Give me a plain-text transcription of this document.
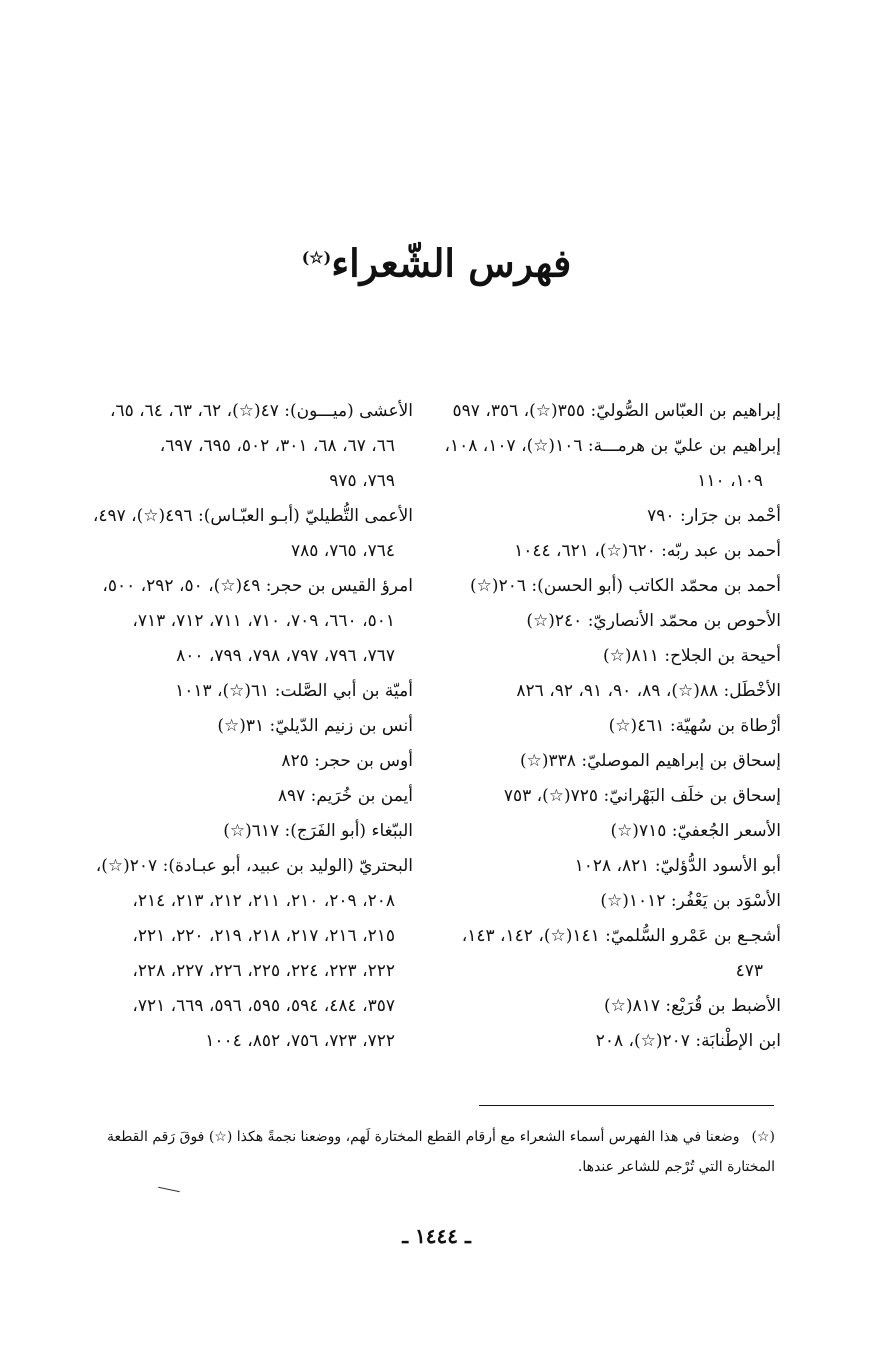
فهرس الشّعراء(☆)
إبراهيم بن العبّاس الصُّوليّ: ٣٥٥(☆)، ٣٥٦، ٥٩٧
إبراهيم بن عليّ بن هرمـــة: ١٠٦(☆)، ١٠٧، ١٠٨،
١٠٩، ١١٠
أحْمد بن جرَار: ٧٩٠
أحمد بن عبد ربّه: ٦٢٠(☆)، ٦٢١، ١٠٤٤
أحمد بن محمّد الكاتب (أبو الحسن): ٢٠٦(☆)
الأحوص بن محمّد الأنصاريّ: ٢٤٠(☆)
أحيحة بن الجلاح: ٨١١(☆)
الأخْطَل: ٨٨(☆)، ٨٩، ٩٠، ٩١، ٩٢، ٨٢٦
أرْطاة بن سُهيّة: ٤٦١(☆)
إسحاق بن إبراهيم الموصليّ: ٣٣٨(☆)
إسحاق بن خلَف البَهْرانيّ: ٧٢٥(☆)، ٧٥٣
الأسعر الجُعفيّ: ٧١٥(☆)
أبو الأسود الدُّؤليّ: ٨٢١، ١٠٢٨
الأسْوَد بن يَعْفُر: ١٠١٢(☆)
أشجـع بن عَمْرو السُّلميّ: ١٤١(☆)، ١٤٢، ١٤٣،
٤٧٣
الأضبط بن قُرَيْع: ٨١٧(☆)
ابن الإطْنابَة: ٢٠٧(☆)، ٢٠٨
الأعشى (ميـــون): ٤٧(☆)، ٦٢، ٦٣، ٦٤، ٦٥،
٦٦، ٦٧، ٦٨، ٣٠١، ٥٠٢، ٦٩٥، ٦٩٧،
٧٦٩، ٩٧٥
الأعمى التُّطيليّ (أبـو العبّـاس): ٤٩٦(☆)، ٤٩٧،
٧٦٤، ٧٦٥، ٧٨٥
امرؤ القيس بن حجر: ٤٩(☆)، ٥٠، ٢٩٢، ٥٠٠،
٥٠١، ٦٦٠، ٧٠٩، ٧١٠، ٧١١، ٧١٢، ٧١٣،
٧٦٧، ٧٩٦، ٧٩٧، ٧٩٨، ٧٩٩، ٨٠٠
أميّة بن أبي الصَّلت: ٦١(☆)، ١٠١٣
أنس بن زنيم الدّيليّ: ٣١(☆)
أوس بن حجر: ٨٢٥
أيمن بن خُرَيم: ٨٩٧
الببّغاء (أبو الفَرَج): ٦١٧(☆)
البحتريّ (الوليد بن عبيد، أبو عبـادة): ٢٠٧(☆)،
٢٠٨، ٢٠٩، ٢١٠، ٢١١، ٢١٢، ٢١٣، ٢١٤،
٢١٥، ٢١٦، ٢١٧، ٢١٨، ٢١٩، ٢٢٠، ٢٢١،
٢٢٢، ٢٢٣، ٢٢٤، ٢٢٥، ٢٢٦، ٢٢٧، ٢٢٨،
٣٥٧، ٤٨٤، ٥٩٤، ٥٩٥، ٥٩٦، ٦٦٩، ٧٢١،
٧٢٢، ٧٢٣، ٧٥٦، ٨٥٢، ١٠٠٤
(☆)وضعنا في هذا الفهرس أسماء الشعراء مع أرقام القطع المختارة لَهم، ووضعنا نجمةً هكذا (☆) فوقَ رَقم القطعة
المختارة التي تُرْجم للشاعر عندها.
ـ ١٤٤٤ ـ
